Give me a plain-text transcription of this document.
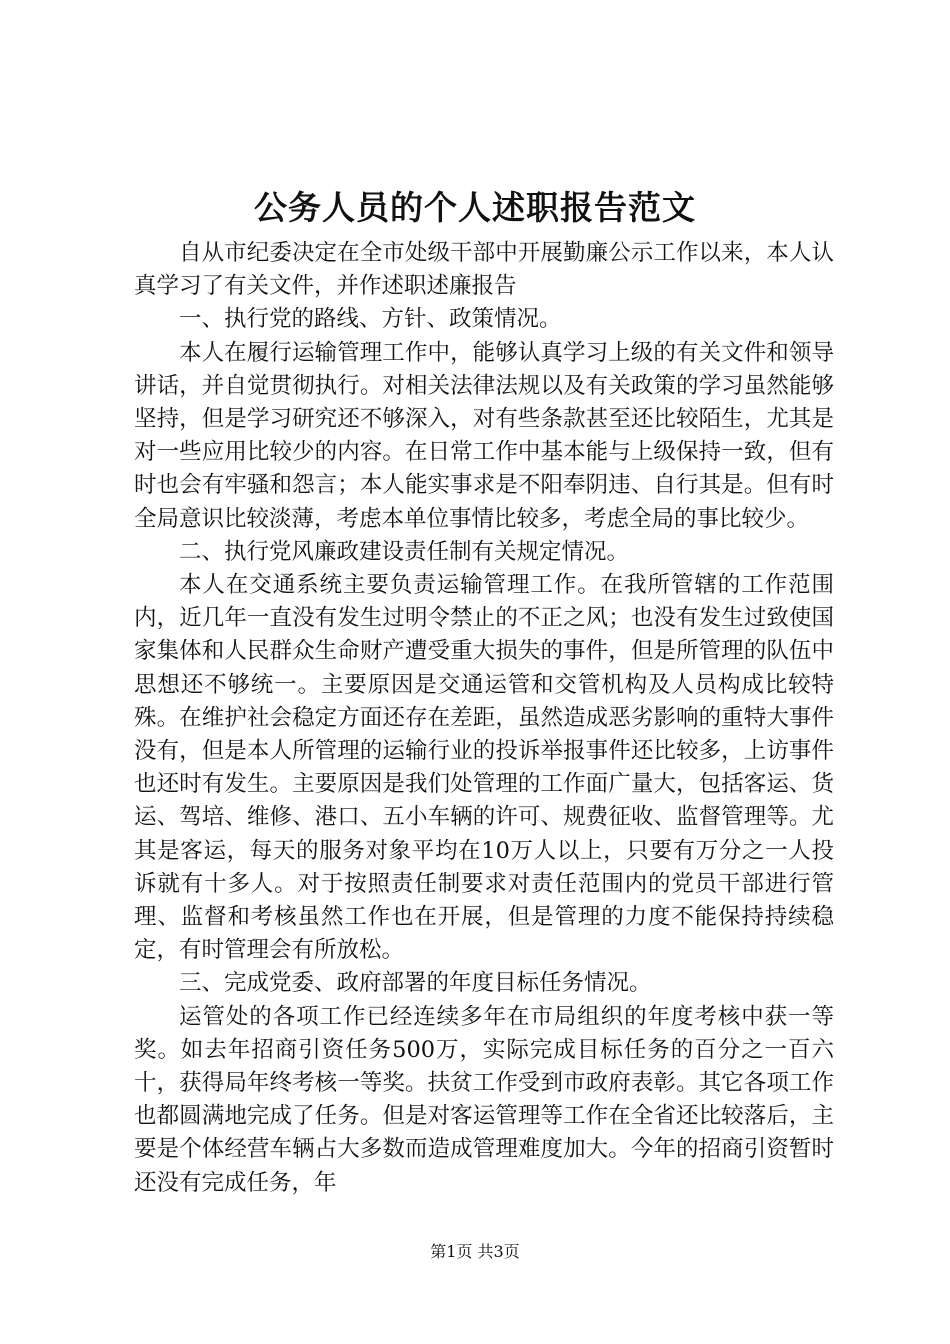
公务人员的个人述职报告范文

自从市纪委决定在全市处级干部中开展勤廉公示工作以来，本人认真学习了有关文件，并作述职述廉报告

一、执行党的路线、方针、政策情况。

本人在履行运输管理工作中，能够认真学习上级的有关文件和领导讲话，并自觉贯彻执行。对相关法律法规以及有关政策的学习虽然能够坚持，但是学习研究还不够深入，对有些条款甚至还比较陌生，尤其是对一些应用比较少的内容。在日常工作中基本能与上级保持一致，但有时也会有牢骚和怨言；本人能实事求是不阳奉阴违、自行其是。但有时全局意识比较淡薄，考虑本单位事情比较多，考虑全局的事比较少。

二、执行党风廉政建设责任制有关规定情况。

本人在交通系统主要负责运输管理工作。在我所管辖的工作范围内，近几年一直没有发生过明令禁止的不正之风；也没有发生过致使国家集体和人民群众生命财产遭受重大损失的事件，但是所管理的队伍中思想还不够统一。主要原因是交通运管和交管机构及人员构成比较特殊。在维护社会稳定方面还存在差距，虽然造成恶劣影响的重特大事件没有，但是本人所管理的运输行业的投诉举报事件还比较多，上访事件也还时有发生。主要原因是我们处管理的工作面广量大，包括客运、货运、驾培、维修、港口、五小车辆的许可、规费征收、监督管理等。尤其是客运，每天的服务对象平均在10万人以上，只要有万分之一人投诉就有十多人。对于按照责任制要求对责任范围内的党员干部进行管理、监督和考核虽然工作也在开展，但是管理的力度不能保持持续稳定，有时管理会有所放松。

三、完成党委、政府部署的年度目标任务情况。

运管处的各项工作已经连续多年在市局组织的年度考核中获一等奖。如去年招商引资任务500万，实际完成目标任务的百分之一百六十，获得局年终考核一等奖。扶贫工作受到市政府表彰。其它各项工作也都圆满地完成了任务。但是对客运管理等工作在全省还比较落后，主要是个体经营车辆占大多数而造成管理难度加大。今年的招商引资暂时还没有完成任务，年

第1页 共3页
